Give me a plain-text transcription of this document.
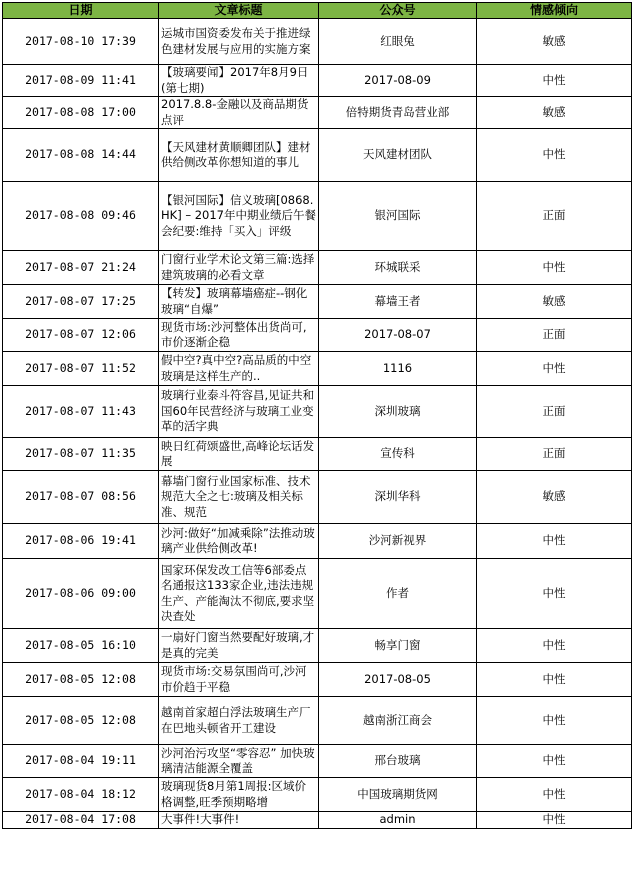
日期	文章标题	公众号	情感倾向
2017-08-10 17:39	运城市国资委发布关于推进绿色建材发展与应用的实施方案	红眼兔	敏感
2017-08-09 11:41	【玻璃要闻】2017年8月9日(第七期)	2017-08-09	中性
2017-08-08 17:00	2017.8.8-金融以及商品期货点评	倍特期货青岛营业部	敏感
2017-08-08 14:44	【天风建材黄顺卿团队】建材供给侧改革你想知道的事儿	天风建材团队	中性
2017-08-08 09:46	【银河国际】信义玻璃[0868.HK] – 2017年中期业绩后午餐会纪要:维持「买入」评级	银河国际	正面
2017-08-07 21:24	门窗行业学术论文第三篇:选择建筑玻璃的必看文章	环城联采	中性
2017-08-07 17:25	【转发】玻璃幕墙癌症--钢化玻璃“自爆”	幕墙王者	敏感
2017-08-07 12:06	现货市场:沙河整体出货尚可,市价逐渐企稳	2017-08-07	正面
2017-08-07 11:52	假中空?真中空?高品质的中空玻璃是这样生产的..	1116	中性
2017-08-07 11:43	玻璃行业泰斗符容昌,见证共和国60年民营经济与玻璃工业变革的活字典	深圳玻璃	正面
2017-08-07 11:35	映日红荷颂盛世,高峰论坛话发展	宣传科	正面
2017-08-07 08:56	幕墙门窗行业国家标准、技术规范大全之七:玻璃及相关标准、规范	深圳华科	敏感
2017-08-06 19:41	沙河:做好“加减乘除”法推动玻璃产业供给侧改革!	沙河新视界	中性
2017-08-06 09:00	国家环保发改工信等6部委点名通报这133家企业,违法违规生产、产能淘汰不彻底,要求坚决查处	作者	中性
2017-08-05 16:10	一扇好门窗当然要配好玻璃,才是真的完美	畅享门窗	中性
2017-08-05 12:08	现货市场:交易氛围尚可,沙河市价趋于平稳	2017-08-05	中性
2017-08-05 12:08	越南首家超白浮法玻璃生产厂在巴地头顿省开工建设	越南浙江商会	中性
2017-08-04 19:11	沙河治污攻坚“零容忍” 加快玻璃清洁能源全覆盖	邢台玻璃	中性
2017-08-04 18:12	玻璃现货8月第1周报:区域价格调整,旺季预期略增	中国玻璃期货网	中性
2017-08-04 17:08	大事件!大事件!	admin	中性
